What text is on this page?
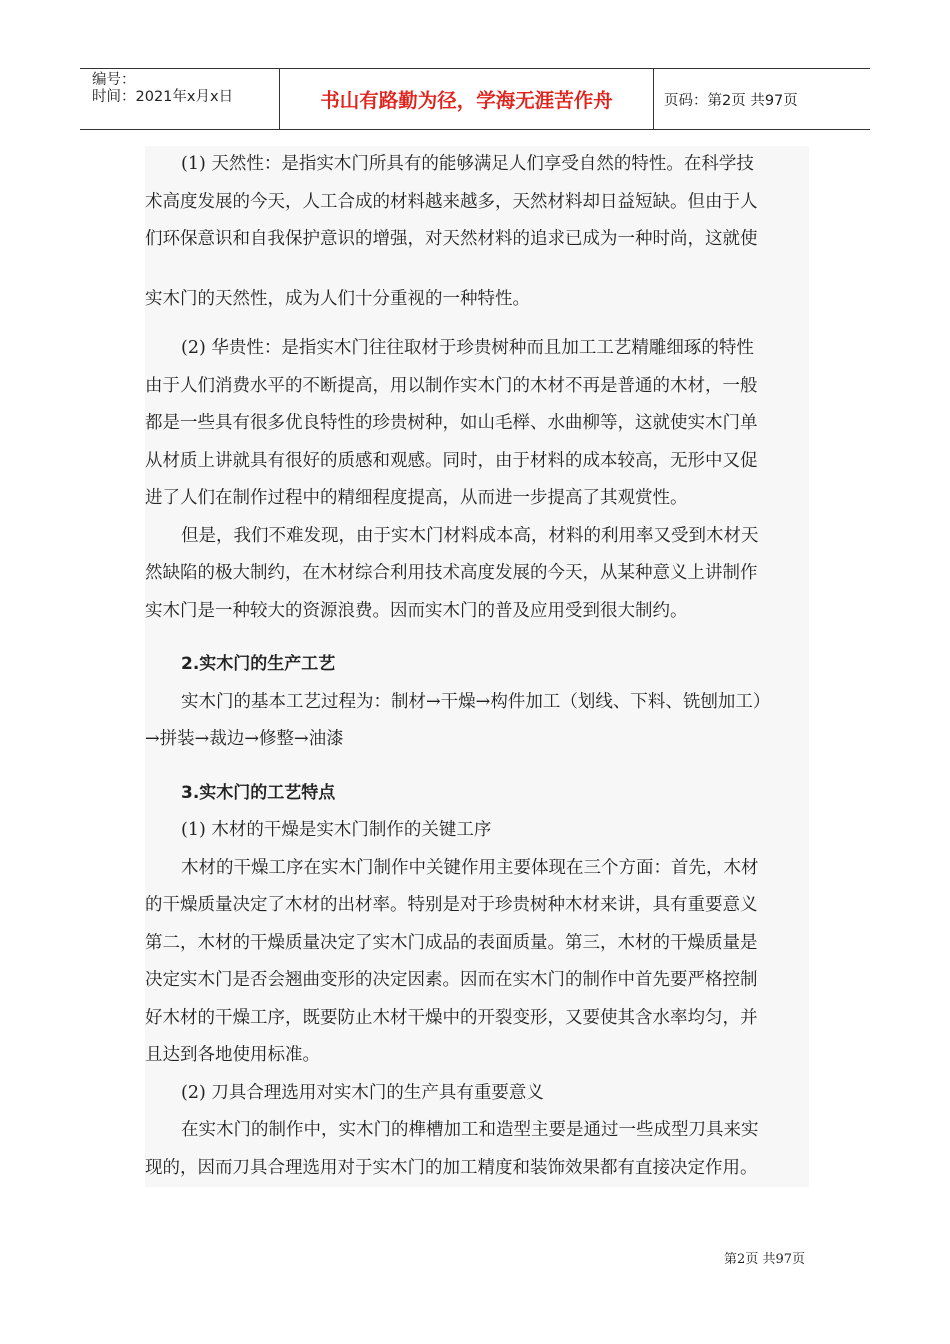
编号：
时间：2021年x月x日	书山有路勤为径，学海无涯苦作舟	页码：第2页 共97页

(1) 天然性：是指实木门所具有的能够满足人们享受自然的特性。在科学技

术高度发展的今天，人工合成的材料越来越多，天然材料却日益短缺。但由于人

们环保意识和自我保护意识的增强，对天然材料的追求已成为一种时尚，这就使

实木门的天然性，成为人们十分重视的一种特性。

(2) 华贵性：是指实木门往往取材于珍贵树种而且加工工艺精雕细琢的特性

由于人们消费水平的不断提高，用以制作实木门的木材不再是普通的木材，一般

都是一些具有很多优良特性的珍贵树种，如山毛榉、水曲柳等，这就使实木门单

从材质上讲就具有很好的质感和观感。同时，由于材料的成本较高，无形中又促

进了人们在制作过程中的精细程度提高，从而进一步提高了其观赏性。

但是，我们不难发现，由于实木门材料成本高，材料的利用率又受到木材天

然缺陷的极大制约，在木材综合利用技术高度发展的今天，从某种意义上讲制作

实木门是一种较大的资源浪费。因而实木门的普及应用受到很大制约。

2.实木门的生产工艺

实木门的基本工艺过程为：制材→干燥→构件加工（划线、下料、铣刨加工）

→拼装→裁边→修整→油漆

3.实木门的工艺特点

(1) 木材的干燥是实木门制作的关键工序

木材的干燥工序在实木门制作中关键作用主要体现在三个方面：首先，木材

的干燥质量决定了木材的出材率。特别是对于珍贵树种木材来讲，具有重要意义

第二，木材的干燥质量决定了实木门成品的表面质量。第三，木材的干燥质量是

决定实木门是否会翘曲变形的决定因素。因而在实木门的制作中首先要严格控制

好木材的干燥工序，既要防止木材干燥中的开裂变形，又要使其含水率均匀，并

且达到各地使用标准。

(2) 刀具合理选用对实木门的生产具有重要意义

在实木门的制作中，实木门的榫槽加工和造型主要是通过一些成型刀具来实

现的，因而刀具合理选用对于实木门的加工精度和装饰效果都有直接决定作用。

第2页 共97页
